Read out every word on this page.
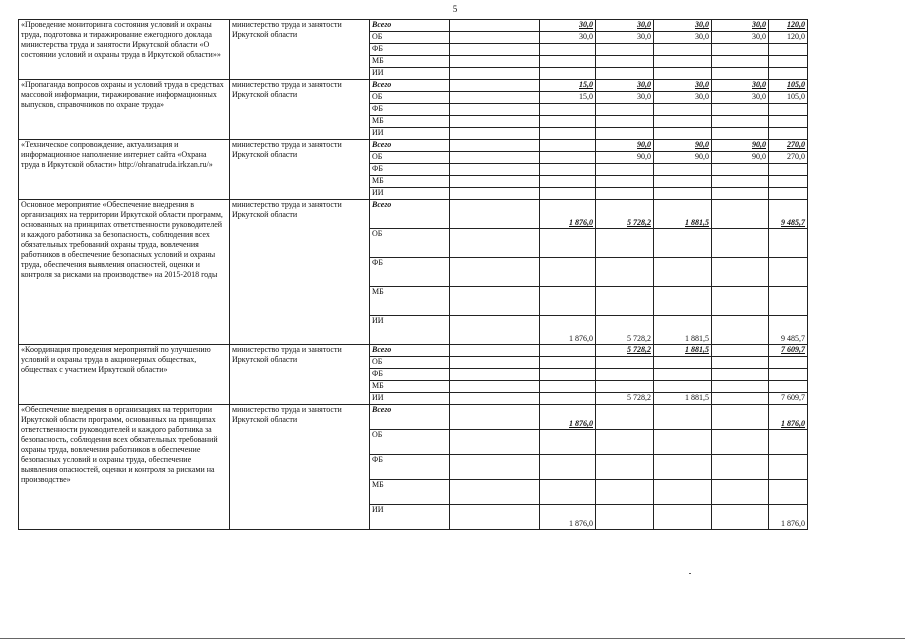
5
«Проведение мониторинга состояния условий и охраны труда, подготовка и тиражирование ежегодного доклада министерства труда и занятости Иркутской области «О состоянии условий и охраны труда в Иркутской области»»	министерство труда и занятости Иркутской области	Всего		30,0	30,0	30,0	30,0	120,0
		ОБ		30,0	30,0	30,0	30,0	120,0
		ФБ						
		МБ						
		ИИ						
«Пропаганда вопросов охраны и условий труда в средствах массовой информации, тиражирование информационных выпусков, справочников по охране труда»	министерство труда и занятости Иркутской области	Всего		15,0	30,0	30,0	30,0	105,0
		ОБ		15,0	30,0	30,0	30,0	105,0
		ФБ						
		МБ						
		ИИ						
«Техническое сопровождение, актуализация и информационное наполнение интернет сайта «Охрана труда в Иркутской области» http://ohranatruda.irkzan.ru/»	министерство труда и занятости Иркутской области	Всего			90,0	90,0	90,0	270,0
		ОБ			90,0	90,0	90,0	270,0
		ФБ						
		МБ						
		ИИ						
Основное мероприятие «Обеспечение внедрения в организациях на территории Иркутской области программ, основанных на принципах ответственности руководителей и каждого работника за безопасность, соблюдения всех обязательных требований охраны труда, вовлечения работников в обеспечение безопасных условий и охраны труда, обеспечения выявления опасностей, оценки и контроля за рисками на производстве» на 2015-2018 годы	министерство труда и занятости Иркутской области	Всего		1 876,0	5 728,2	1 881,5		9 485,7
		ОБ						
		ФБ						
		МБ						
		ИИ		1 876,0	5 728,2	1 881,5		9 485,7
«Координация проведения мероприятий по улучшению условий и охраны труда в акционерных обществах, обществах с участием Иркутской области»	министерство труда и занятости Иркутской области	Всего			5 728,2	1 881,5		7 609,7
		ОБ						
		ФБ						
		МБ						
		ИИ			5 728,2	1 881,5		7 609,7
«Обеспечение внедрения в организациях на территории Иркутской области программ, основанных на принципах ответственности руководителей и каждого работника за безопасность, соблюдения всех обязательных требований охраны труда, вовлечения работников в обеспечение безопасных условий и охраны труда, обеспечение выявления опасностей, оценки и контроля за рисками на производстве»	министерство труда и занятости Иркутской области	Всего		1 876,0				1 876,0
		ОБ						
		ФБ						
		МБ						
		ИИ		1 876,0				1 876,0
